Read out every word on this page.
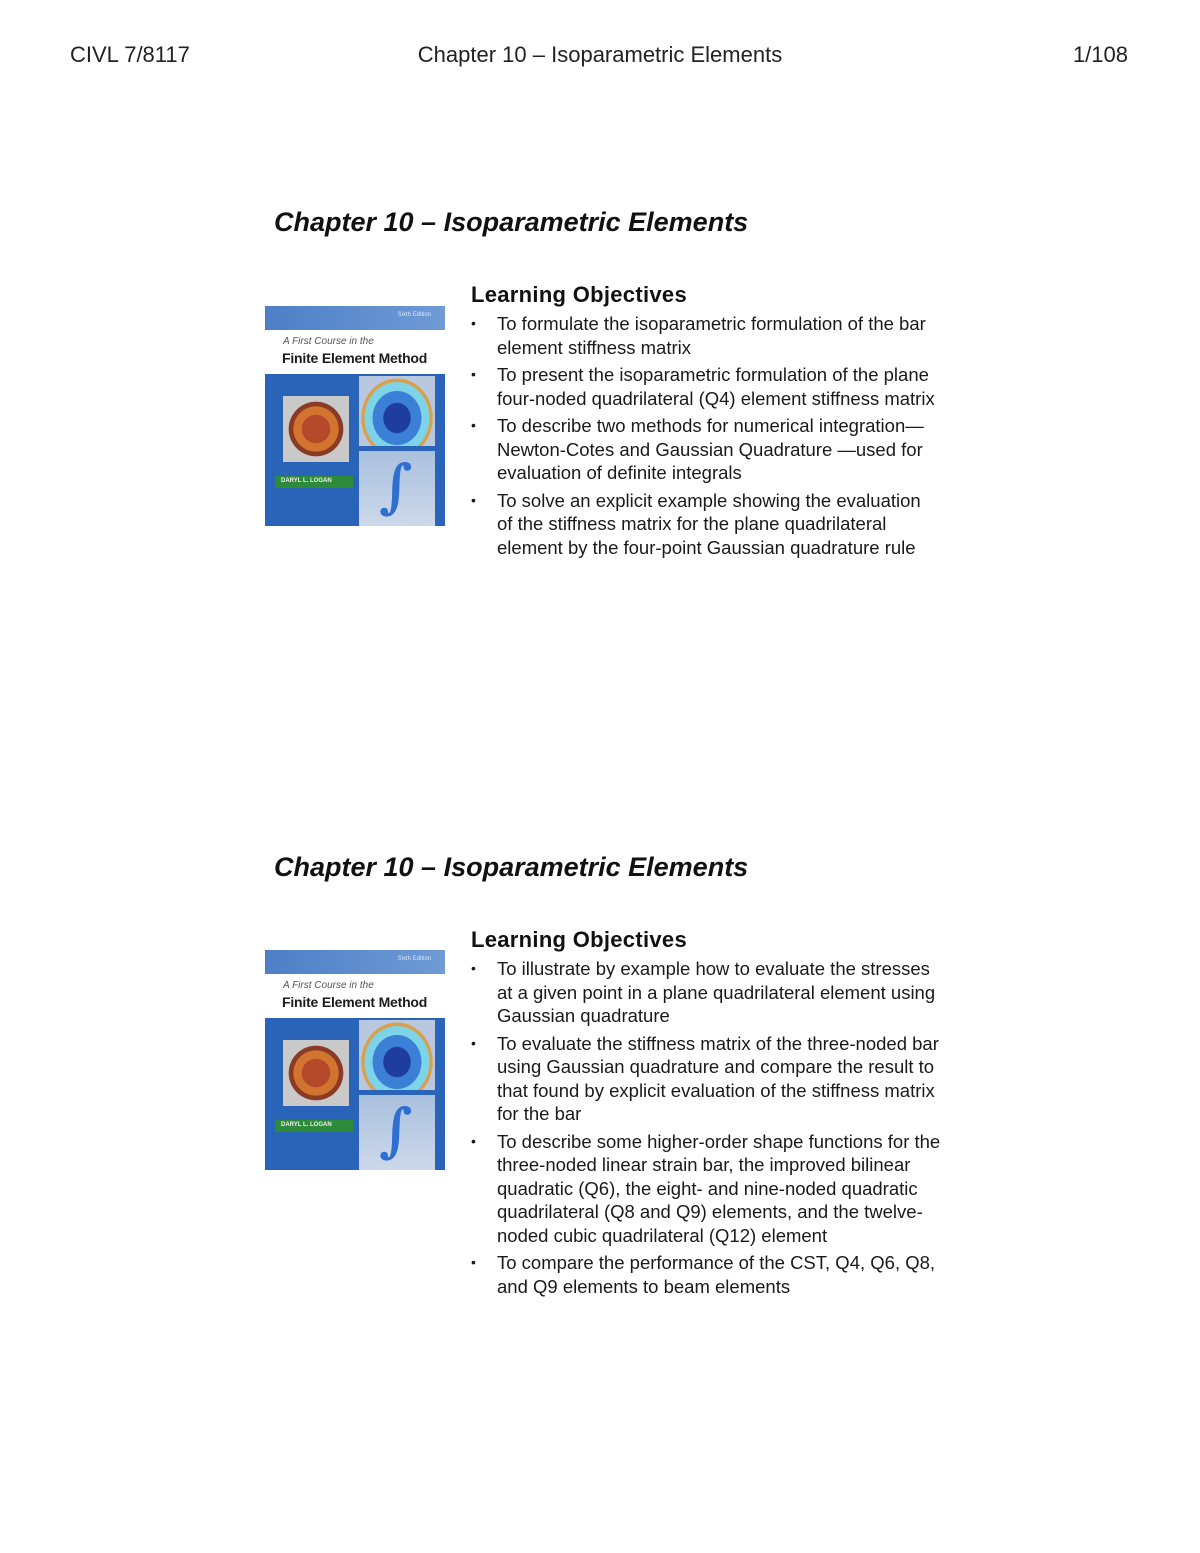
CIVL 7/8117	Chapter 10 – Isoparametric Elements	1/108
Chapter 10 – Isoparametric Elements
Sixth Edition
A First Course in the
Finite Element Method
∫
DARYL L. LOGAN
Learning Objectives
• To formulate the isoparametric formulation of the bar element stiffness matrix
• To present the isoparametric formulation of the plane four-noded quadrilateral (Q4) element stiffness matrix
• To describe two methods for numerical integration— Newton-Cotes and Gaussian Quadrature —used for evaluation of definite integrals
• To solve an explicit example showing the evaluation of the stiffness matrix for the plane quadrilateral element by the four-point Gaussian quadrature rule
Chapter 10 – Isoparametric Elements
Sixth Edition
A First Course in the
Finite Element Method
∫
DARYL L. LOGAN
Learning Objectives
• To illustrate by example how to evaluate the stresses at a given point in a plane quadrilateral element using Gaussian quadrature
• To evaluate the stiffness matrix of the three-noded bar using Gaussian quadrature and compare the result to that found by explicit evaluation of the stiffness matrix for the bar
• To describe some higher-order shape functions for the three-noded linear strain bar, the improved bilinear quadratic (Q6), the eight- and nine-noded quadratic quadrilateral (Q8 and Q9) elements, and the twelve-noded cubic quadrilateral (Q12) element
• To compare the performance of the CST, Q4, Q6, Q8, and Q9 elements to beam elements
